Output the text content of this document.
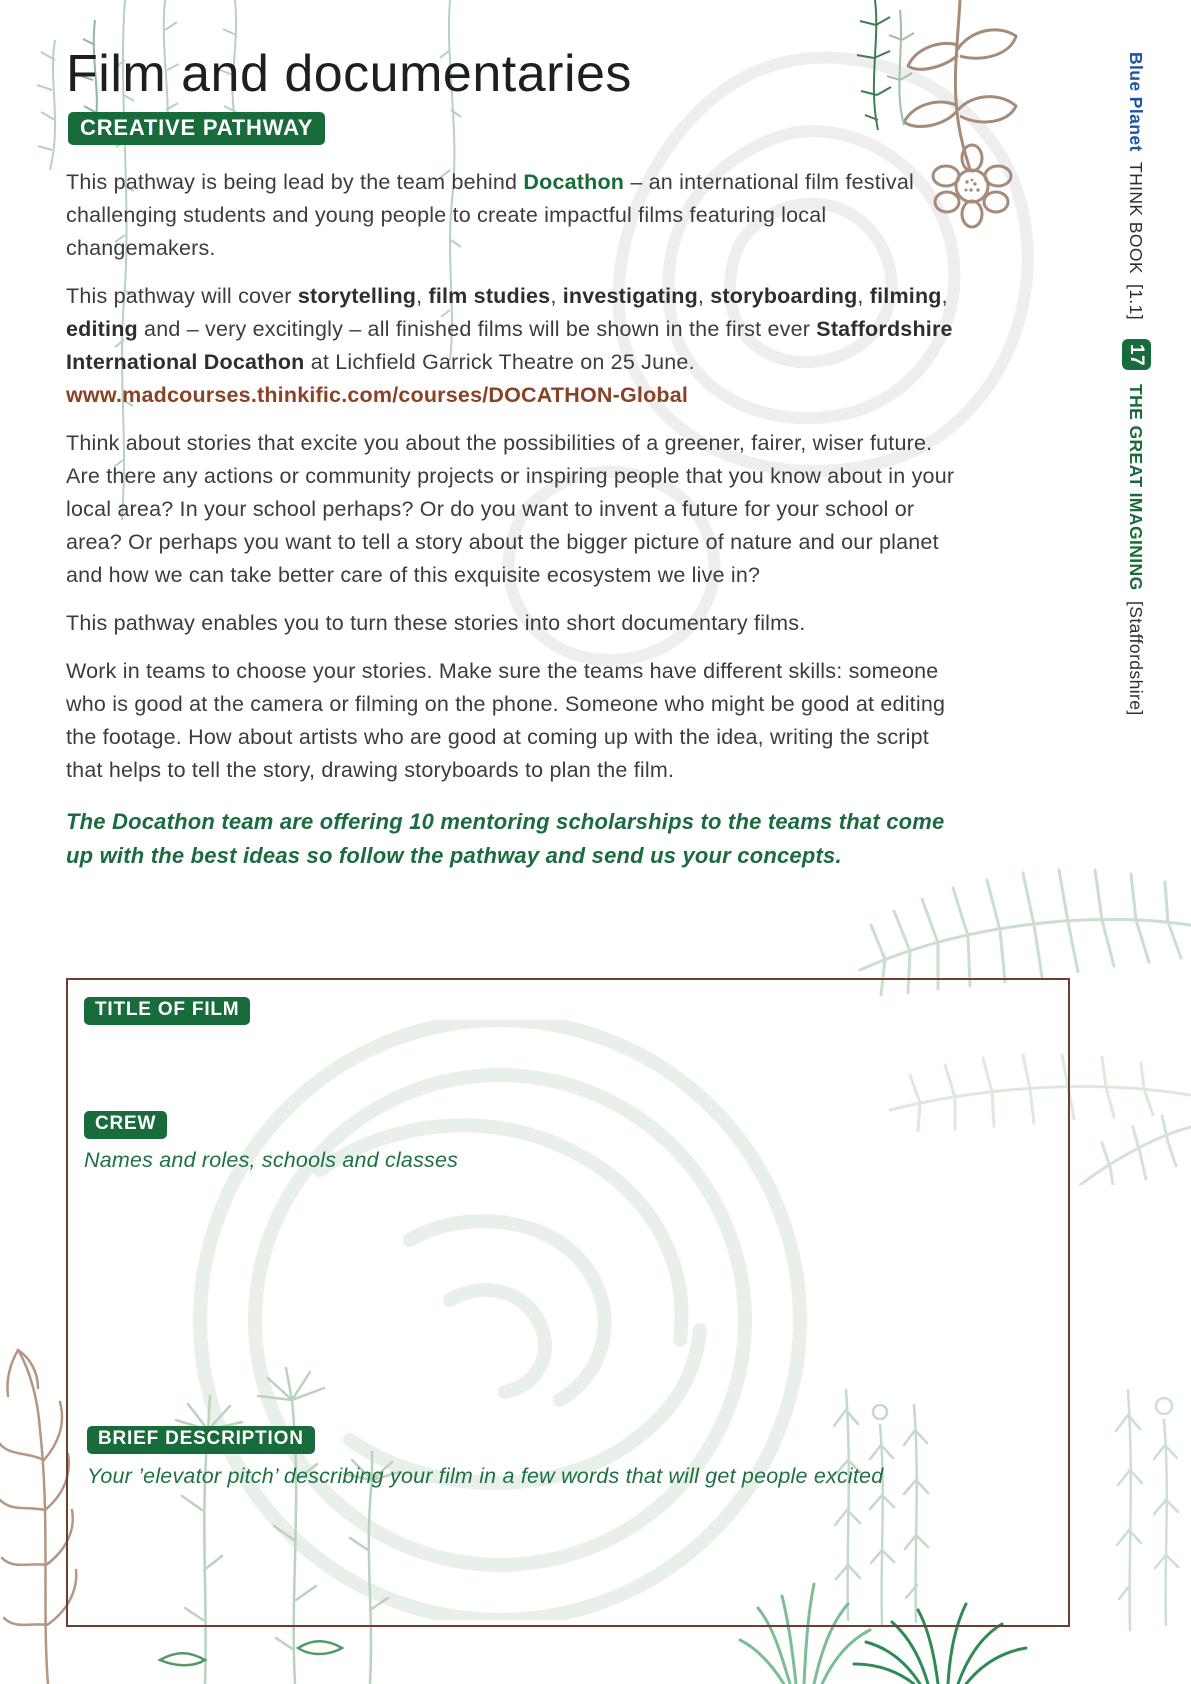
Film and documentaries
CREATIVE PATHWAY

This pathway is being lead by the team behind Docathon – an international film festival challenging students and young people to create impactful films featuring local changemakers.

This pathway will cover storytelling, film studies, investigating, storyboarding, filming, editing and – very excitingly – all finished films will be shown in the first ever Staffordshire International Docathon at Lichfield Garrick Theatre on 25 June.
www.madcourses.thinkific.com/courses/DOCATHON-Global

Think about stories that excite you about the possibilities of a greener, fairer, wiser future. Are there any actions or community projects or inspiring people that you know about in your local area? In your school perhaps? Or do you want to invent a future for your school or area? Or perhaps you want to tell a story about the bigger picture of nature and our planet and how we can take better care of this exquisite ecosystem we live in?

This pathway enables you to turn these stories into short documentary films.

Work in teams to choose your stories. Make sure the teams have different skills: someone who is good at the camera or filming on the phone. Someone who might be good at editing the footage. How about artists who are good at coming up with the idea, writing the script that helps to tell the story, drawing storyboards to plan the film.

The Docathon team are offering 10 mentoring scholarships to the teams that come up with the best ideas so follow the pathway and send us your concepts.

TITLE OF FILM
CREW

Names and roles, schools and classes

BRIEF DESCRIPTION

Your ’elevator pitch’ describing your film in a few words that will get people excited

Blue Planet THINK BOOK [1.1] 17 THE GREAT IMAGINING [Staffordshire]
